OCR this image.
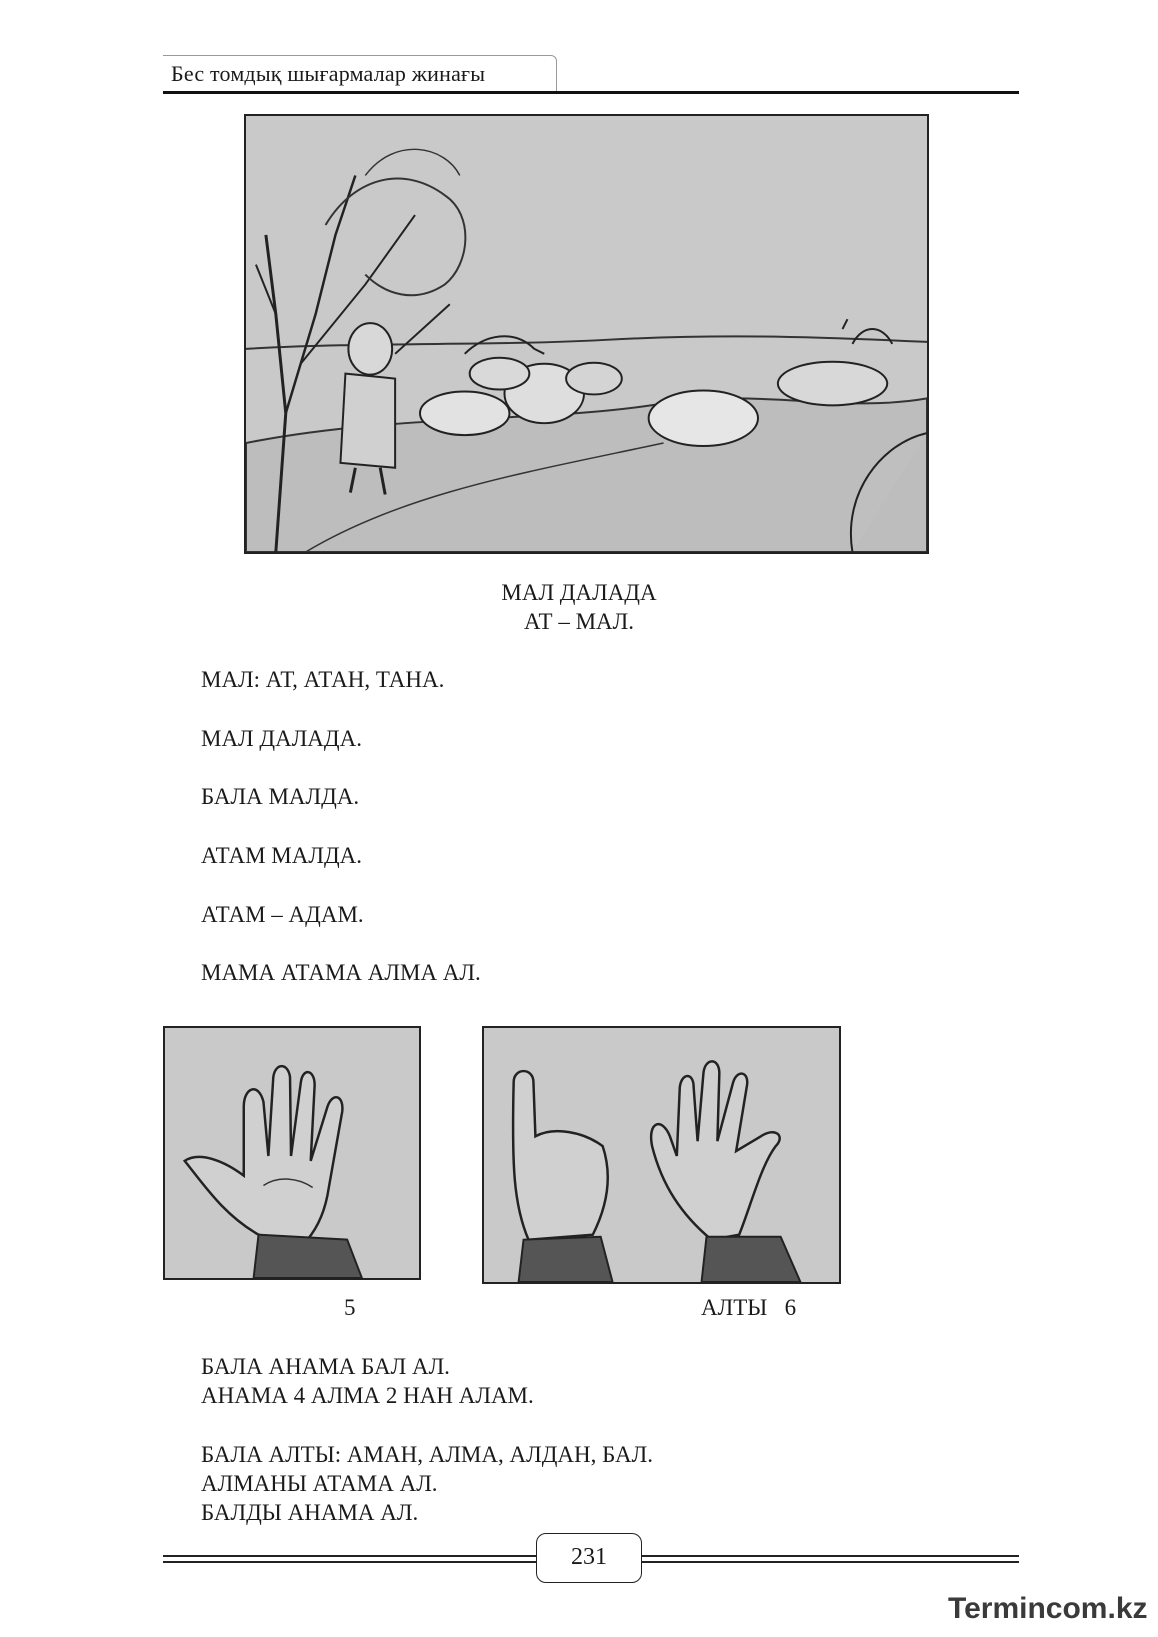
Бес томдық шығармалар жинағы
МАЛ ДАЛАДА
АТ – МАЛ.
МАЛ: АТ, АТАН, ТАНА.
МАЛ ДАЛАДА.
БАЛА МАЛДА.
АТАМ МАЛДА.
АТАМ – АДАМ.
МАМА АТАМА АЛМА АЛ.
5	АЛТЫ   6
БАЛА АНАМА БАЛ АЛ.
АНАМА 4 АЛМА 2 НАН АЛАМ.
БАЛА АЛТЫ: АМАН, АЛМА, АЛДАН, БАЛ.
АЛМАНЫ АТАМА АЛ.
БАЛДЫ АНАМА АЛ.
231
Termincom.kz
